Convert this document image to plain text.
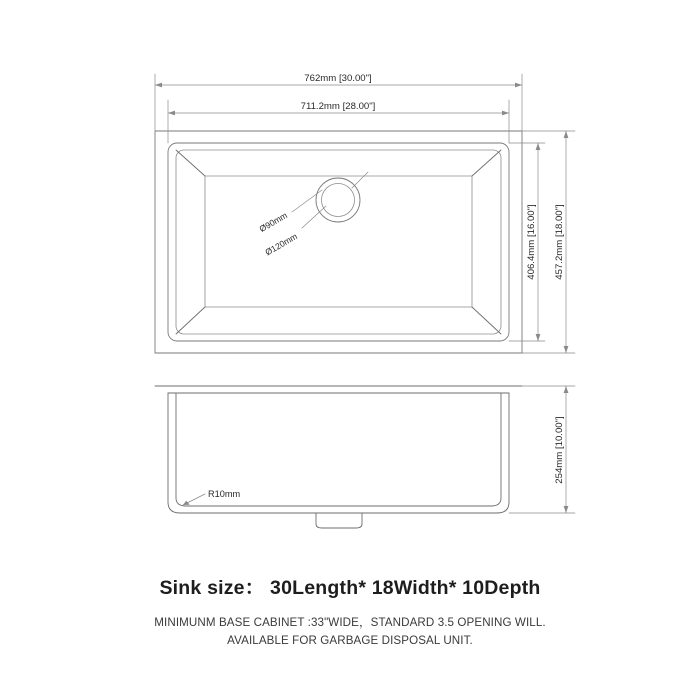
762mm [30.00"]
711.2mm [28.00"]
406.4mm [16.00"] 457.2mm [18.00"]
Ø90mm
Ø120mm
R10mm
254mm [10.00"]
Sink size： 30Length* 18Width* 10Depth
MINIMUNM BASE CABINET :33"WIDE，STANDARD 3.5 OPENING WILL.
AVAILABLE FOR GARBAGE DISPOSAL UNIT.
